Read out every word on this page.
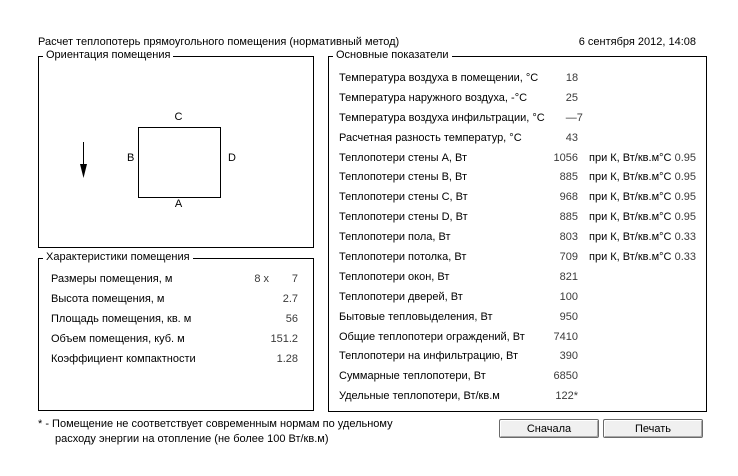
Расчет теплопотерь прямоугольного помещения (нормативный метод)	6 сентября 2012, 14:08
Ориентация помещения
C
B	D
A
Характеристики помещения
Размеры помещения, м	8 х	7
Высота помещения, м	2.7
Площадь помещения, кв. м	56
Объем помещения, куб. м	151.2
Коэффициент компактности	1.28
Основные показатели
Температура воздуха в помещении, °С	18
Температура наружного воздуха, -°С	25
Температура воздуха инфильтрации, °С	—7
Расчетная разность температур, °С	43
Теплопотери стены А, Вт	1056 при К, Вт/кв.м°С 0.95
Теплопотери стены В, Вт	885 при К, Вт/кв.м°С 0.95
Теплопотери стены С, Вт	968 при К, Вт/кв.м°С 0.95
Теплопотери стены D, Вт	885 при К, Вт/кв.м°С 0.95
Теплопотери пола, Вт	803 при К, Вт/кв.м°С 0.33
Теплопотери потолка, Вт	709 при К, Вт/кв.м°С 0.33
Теплопотери окон, Вт	821
Теплопотери дверей, Вт	100
Бытовые тепловыделения, Вт	950
Общие теплопотери ограждений, Вт	7410
Теплопотери на инфильтрацию, Вт	390
Суммарные теплопотери, Вт	6850
Удельные теплопотери, Вт/кв.м	122*
* - Помещение не соответствует современным нормам по удельному
расходу энергии на отопление (не более 100 Вт/кв.м)
Сначала	Печать
